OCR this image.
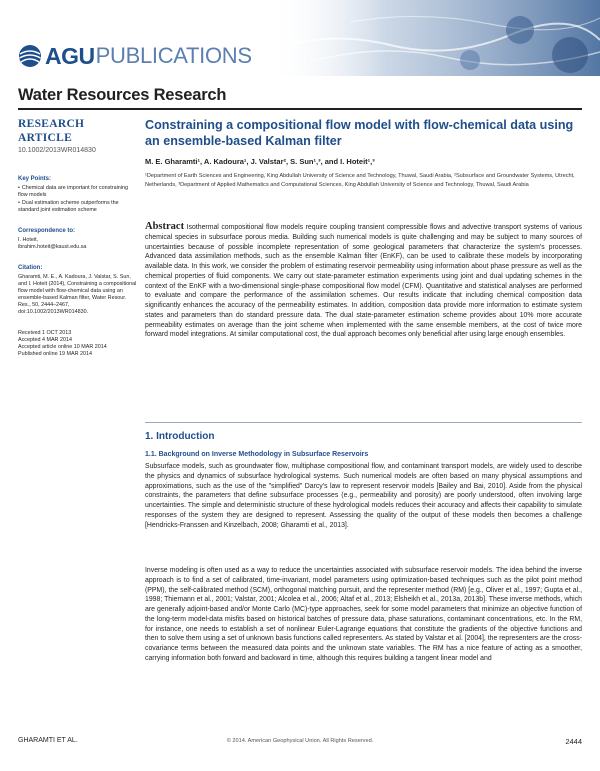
AGU PUBLICATIONS
Water Resources Research
RESEARCH ARTICLE
10.1002/2013WR014830
Key Points:
• Chemical data are important for constraining flow models
• Dual estimation scheme outperforms the standard joint estimation scheme
Correspondence to:
I. Hoteit,
ibrahim.hoteit@kaust.edu.sa
Citation:
Gharamti, M. E., A. Kadoura, J. Valstar, S. Sun, and I. Hoteit (2014), Constraining a compositional flow model with flow-chemical data using an ensemble-based Kalman filter, Water Resour. Res., 50, 2444–2467, doi:10.1002/2013WR014830.
Received 1 OCT 2013
Accepted 4 MAR 2014
Accepted article online 10 MAR 2014
Published online 19 MAR 2014
Constraining a compositional flow model with flow-chemical data using an ensemble-based Kalman filter
M. E. Gharamti¹, A. Kadoura¹, J. Valstar², S. Sun¹,³, and I. Hoteit¹,³
¹Department of Earth Sciences and Engineering, King Abdullah University of Science and Technology, Thuwal, Saudi Arabia, ²Subsurface and Groundwater Systems, Utrecht, Netherlands, ³Department of Applied Mathematics and Computational Sciences, King Abdullah University of Science and Technology, Thuwal, Saudi Arabia
Abstract Isothermal compositional flow models require coupling transient compressible flows and advective transport systems of various chemical species in subsurface porous media. Building such numerical models is quite challenging and may be subject to many sources of uncertainties because of possible incomplete representation of some geological parameters that characterize the system's processes. Advanced data assimilation methods, such as the ensemble Kalman filter (EnKF), can be used to calibrate these models by incorporating available data. In this work, we consider the problem of estimating reservoir permeability using information about phase pressure as well as the chemical properties of fluid components. We carry out state-parameter estimation experiments using joint and dual updating schemes in the context of the EnKF with a two-dimensional single-phase compositional flow model (CFM). Quantitative and statistical analyses are performed to evaluate and compare the performance of the assimilation schemes. Our results indicate that including chemical composition data significantly enhances the accuracy of the permeability estimates. In addition, composition data provide more information to estimate system states and parameters than do standard pressure data. The dual state-parameter estimation scheme provides about 10% more accurate permeability estimates on average than the joint scheme when implemented with the same ensemble members, at the cost of twice more forward model integrations. At similar computational cost, the dual approach becomes only beneficial after using large enough ensembles.
1. Introduction
1.1. Background on Inverse Methodology in Subsurface Reservoirs
Subsurface models, such as groundwater flow, multiphase compositional flow, and contaminant transport models, are widely used to describe the physics and dynamics of subsurface hydrological systems. Such numerical models are often based on many physical assumptions and approximations, such as the use of the "simplified" Darcy's law to represent reservoir models [Bailey and Bai, 2010]. Aside from the physical constraints, the parameters that define subsurface processes (e.g., permeability and porosity) are poorly understood, often involving large uncertainties. The simple and deterministic structure of these hydrological models reduces their accuracy and affects their capability to simulate responses of the system they are designed to represent. Assessing the quality of the output of these models then becomes a challenge [Hendricks-Franssen and Kinzelbach, 2008; Gharamti et al., 2013].
Inverse modeling is often used as a way to reduce the uncertainties associated with subsurface reservoir models. The idea behind the inverse approach is to find a set of calibrated, time-invariant, model parameters using optimization-based techniques such as the pilot point method (PPM), the self-calibrated method (SCM), orthogonal matching pursuit, and the representer method (RM) [e.g., Oliver et al., 1997; Gupta et al., 1998; Thiemann et al., 2001; Valstar, 2001; Alcolea et al., 2006; Altaf et al., 2013; Elsheikh et al., 2013a, 2013b]. These inverse methods, which are generally adjoint-based and/or Monte Carlo (MC)-type approaches, seek for some model parameters that minimize an objective function of the long-term model-data misfits based on historical batches of pressure data, phase saturations, contaminant concentrations, etc. In the RM, for instance, one needs to establish a set of nonlinear Euler-Lagrange equations that constitute the gradients of the objective functions and then to solve them using a set of unknown basis functions called representers. As stated by Valstar et al. [2004], the representers are the cross-covariance terms between the measured data points and the unknown state variables. The RM has a nice feature of acting as a smoother, carrying information both forward and backward in time, although this requires building a tangent linear model and
GHARAMTI ET AL.	© 2014. American Geophysical Union. All Rights Reserved.	2444
